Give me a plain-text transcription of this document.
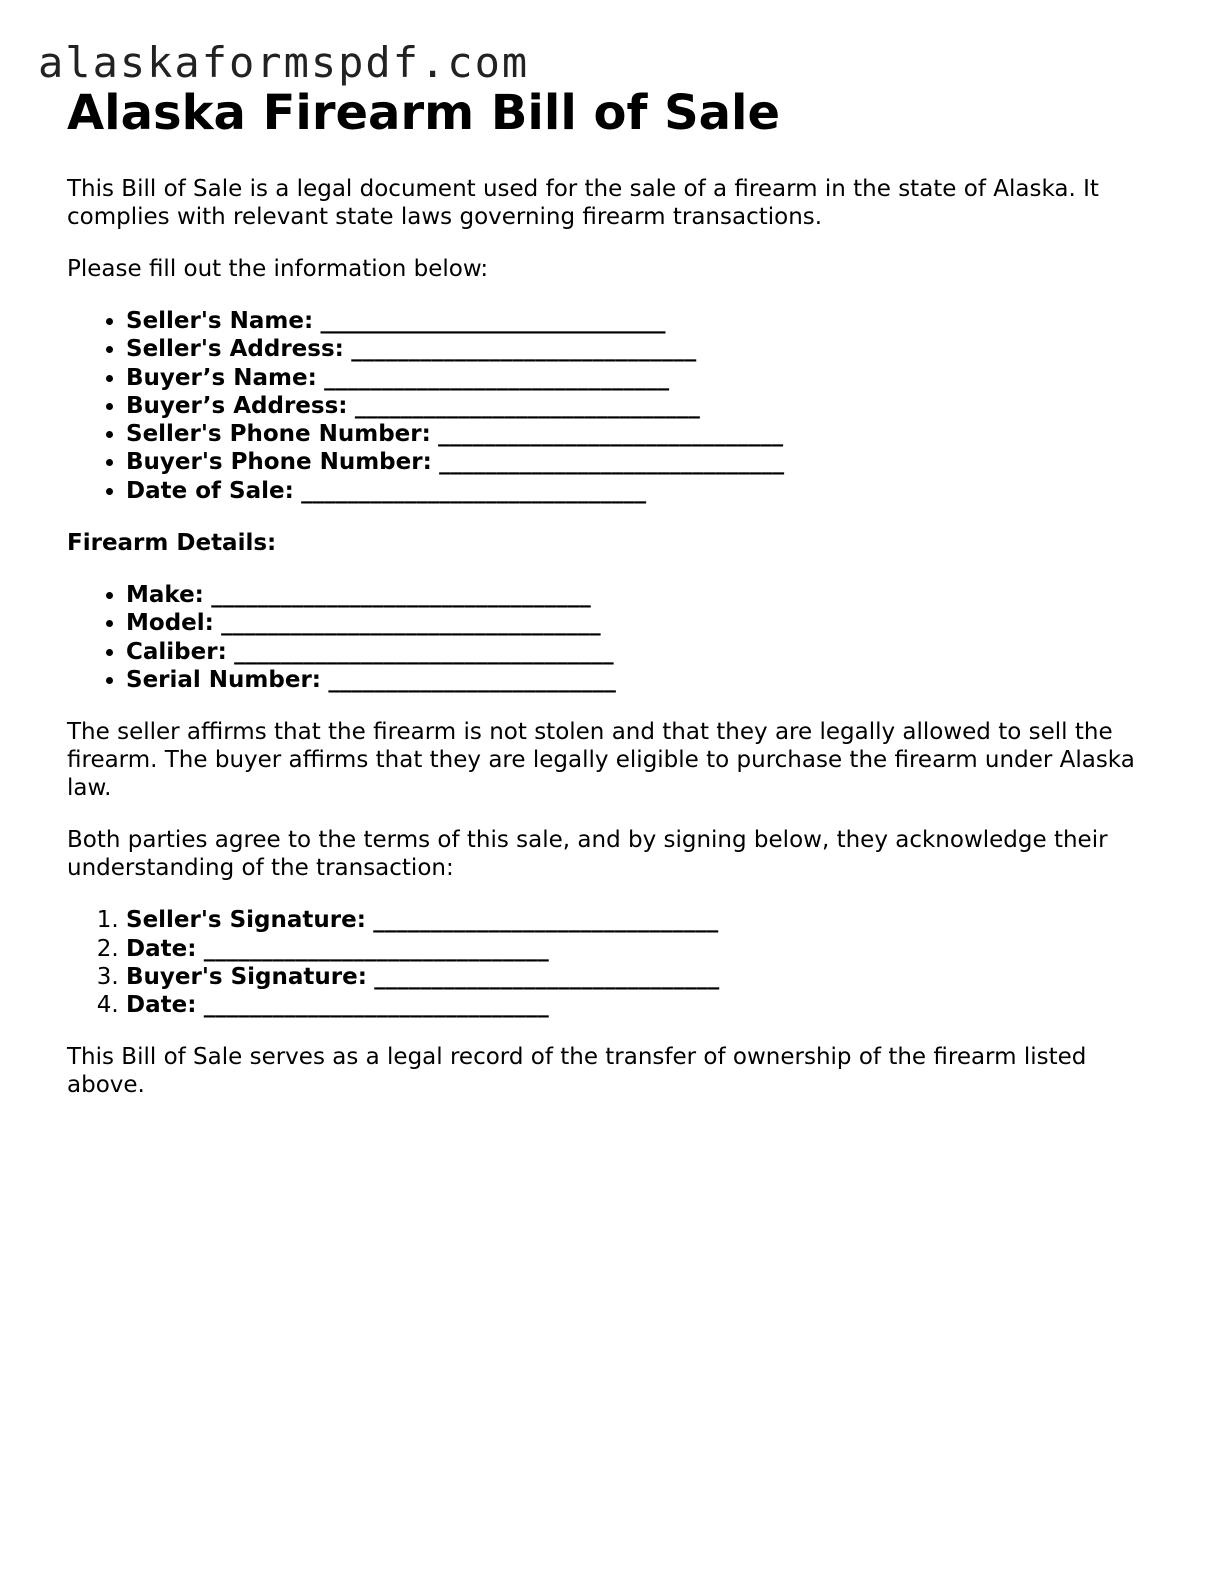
alaskaformspdf.com
Alaska Firearm Bill of Sale

This Bill of Sale is a legal document used for the sale of a firearm in the state of Alaska. It complies with relevant state laws governing firearm transactions.

Please fill out the information below:

• Seller's Name: ______________________________
• Seller's Address: ______________________________
• Buyer’s Name: ______________________________
• Buyer’s Address: ______________________________
• Seller's Phone Number: ______________________________
• Buyer's Phone Number: ______________________________
• Date of Sale: ______________________________

Firearm Details:

• Make: _________________________________
• Model: _________________________________
• Caliber: _________________________________
• Serial Number: _________________________

The seller affirms that the firearm is not stolen and that they are legally allowed to sell the firearm. The buyer affirms that they are legally eligible to purchase the firearm under Alaska law.

Both parties agree to the terms of this sale, and by signing below, they acknowledge their understanding of the transaction:

1. Seller's Signature: ______________________________
2. Date: ______________________________
3. Buyer's Signature: ______________________________
4. Date: ______________________________

This Bill of Sale serves as a legal record of the transfer of ownership of the firearm listed above.
